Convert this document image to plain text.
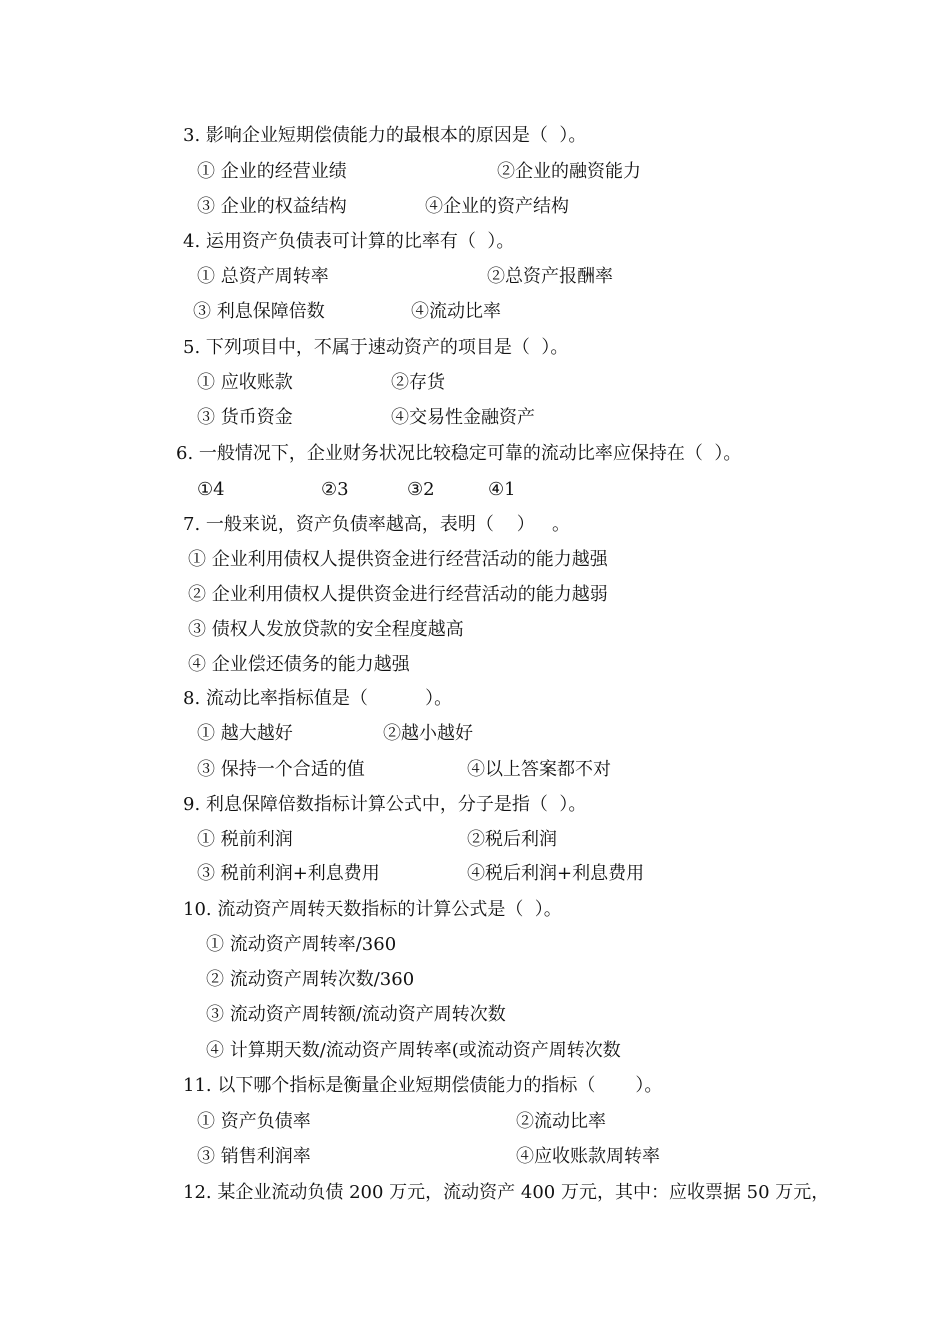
3. 影响企业短期偿债能力的最根本的原因是（  ）。
① 企业的经营业绩	②企业的融资能力
③ 企业的权益结构	④企业的资产结构
4. 运用资产负债表可计算的比率有（  ）。
① 总资产周转率	②总资产报酬率
③ 利息保障倍数	④流动比率
5. 下列项目中，不属于速动资产的项目是（  ）。
① 应收账款	②存货
③ 货币资金	④交易性金融资产
6. 一般情况下，企业财务状况比较稳定可靠的流动比率应保持在（  ）。
①4	②3	③2	④1
7. 一般来说，资产负债率越高，表明（    ）   。
① 企业利用债权人提供资金进行经营活动的能力越强
② 企业利用债权人提供资金进行经营活动的能力越弱
③ 债权人发放贷款的安全程度越高
④ 企业偿还债务的能力越强
8. 流动比率指标值是（          ）。
① 越大越好	②越小越好
③ 保持一个合适的值	④以上答案都不对
9. 利息保障倍数指标计算公式中，分子是指（  ）。
① 税前利润	②税后利润
③ 税前利润+利息费用	④税后利润+利息费用
10. 流动资产周转天数指标的计算公式是（  ）。
① 流动资产周转率/360
② 流动资产周转次数/360
③ 流动资产周转额/流动资产周转次数
④ 计算期天数/流动资产周转率(或流动资产周转次数
11. 以下哪个指标是衡量企业短期偿债能力的指标（       ）。
① 资产负债率	②流动比率
③ 销售利润率	④应收账款周转率
12. 某企业流动负债 200 万元，流动资产 400 万元，其中：应收票据 50 万元，
